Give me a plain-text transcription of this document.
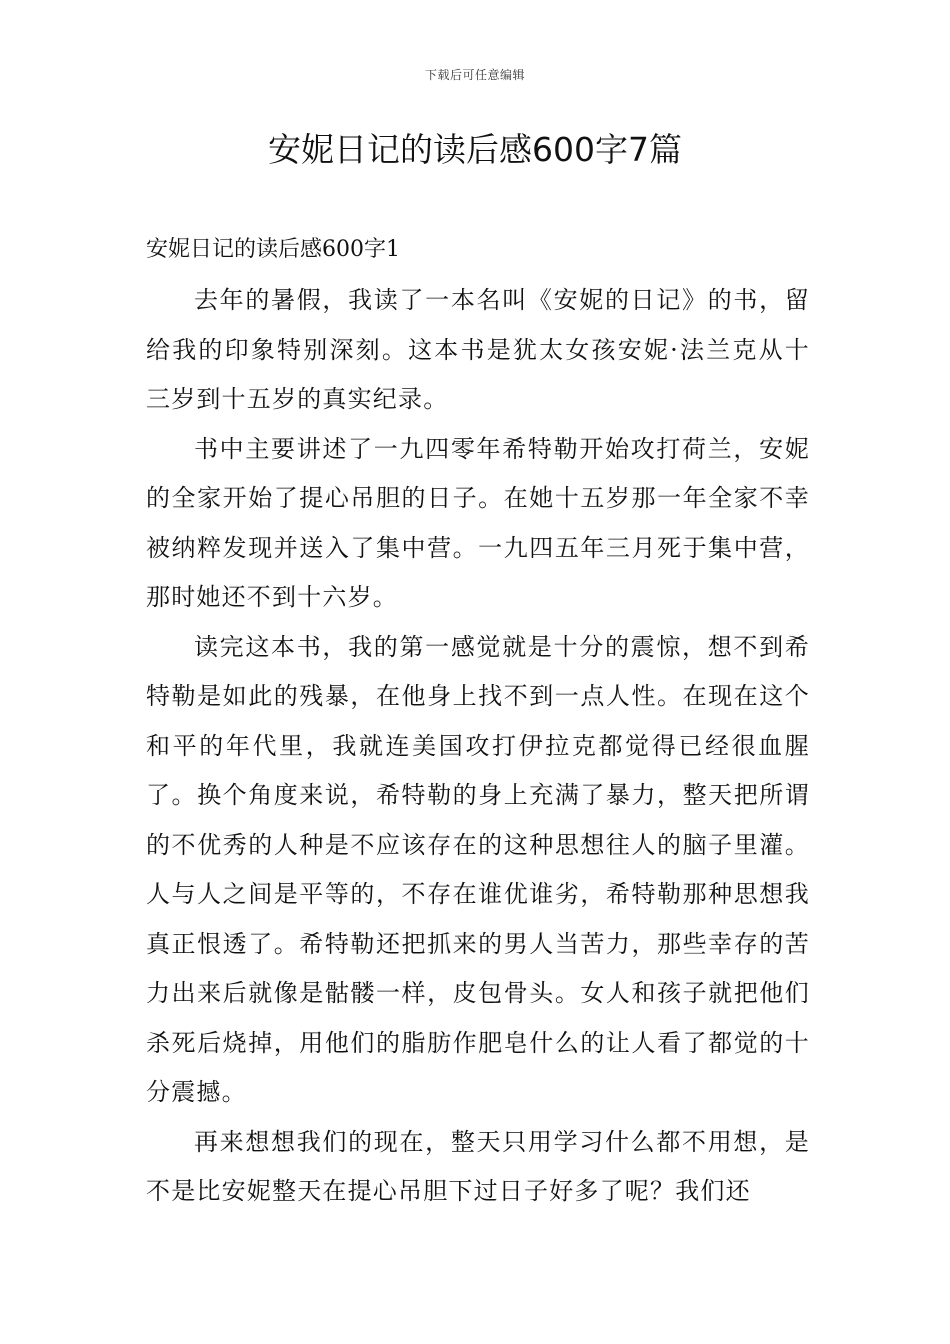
下载后可任意编辑
安妮日记的读后感600字7篇
安妮日记的读后感600字1

去年的暑假，我读了一本名叫《安妮的日记》的书，留给我的印象特别深刻。这本书是犹太女孩安妮·法兰克从十三岁到十五岁的真实纪录。

书中主要讲述了一九四零年希特勒开始攻打荷兰，安妮的全家开始了提心吊胆的日子。在她十五岁那一年全家不幸被纳粹发现并送入了集中营。一九四五年三月死于集中营，那时她还不到十六岁。

读完这本书，我的第一感觉就是十分的震惊，想不到希特勒是如此的残暴，在他身上找不到一点人性。在现在这个和平的年代里，我就连美国攻打伊拉克都觉得已经很血腥了。换个角度来说，希特勒的身上充满了暴力，整天把所谓的不优秀的人种是不应该存在的这种思想往人的脑子里灌。人与人之间是平等的，不存在谁优谁劣，希特勒那种思想我真正恨透了。希特勒还把抓来的男人当苦力，那些幸存的苦力出来后就像是骷髅一样，皮包骨头。女人和孩子就把他们杀死后烧掉，用他们的脂肪作肥皂什么的让人看了都觉的十分震撼。

再来想想我们的现在，整天只用学习什么都不用想，是不是比安妮整天在提心吊胆下过日子好多了呢？我们还
